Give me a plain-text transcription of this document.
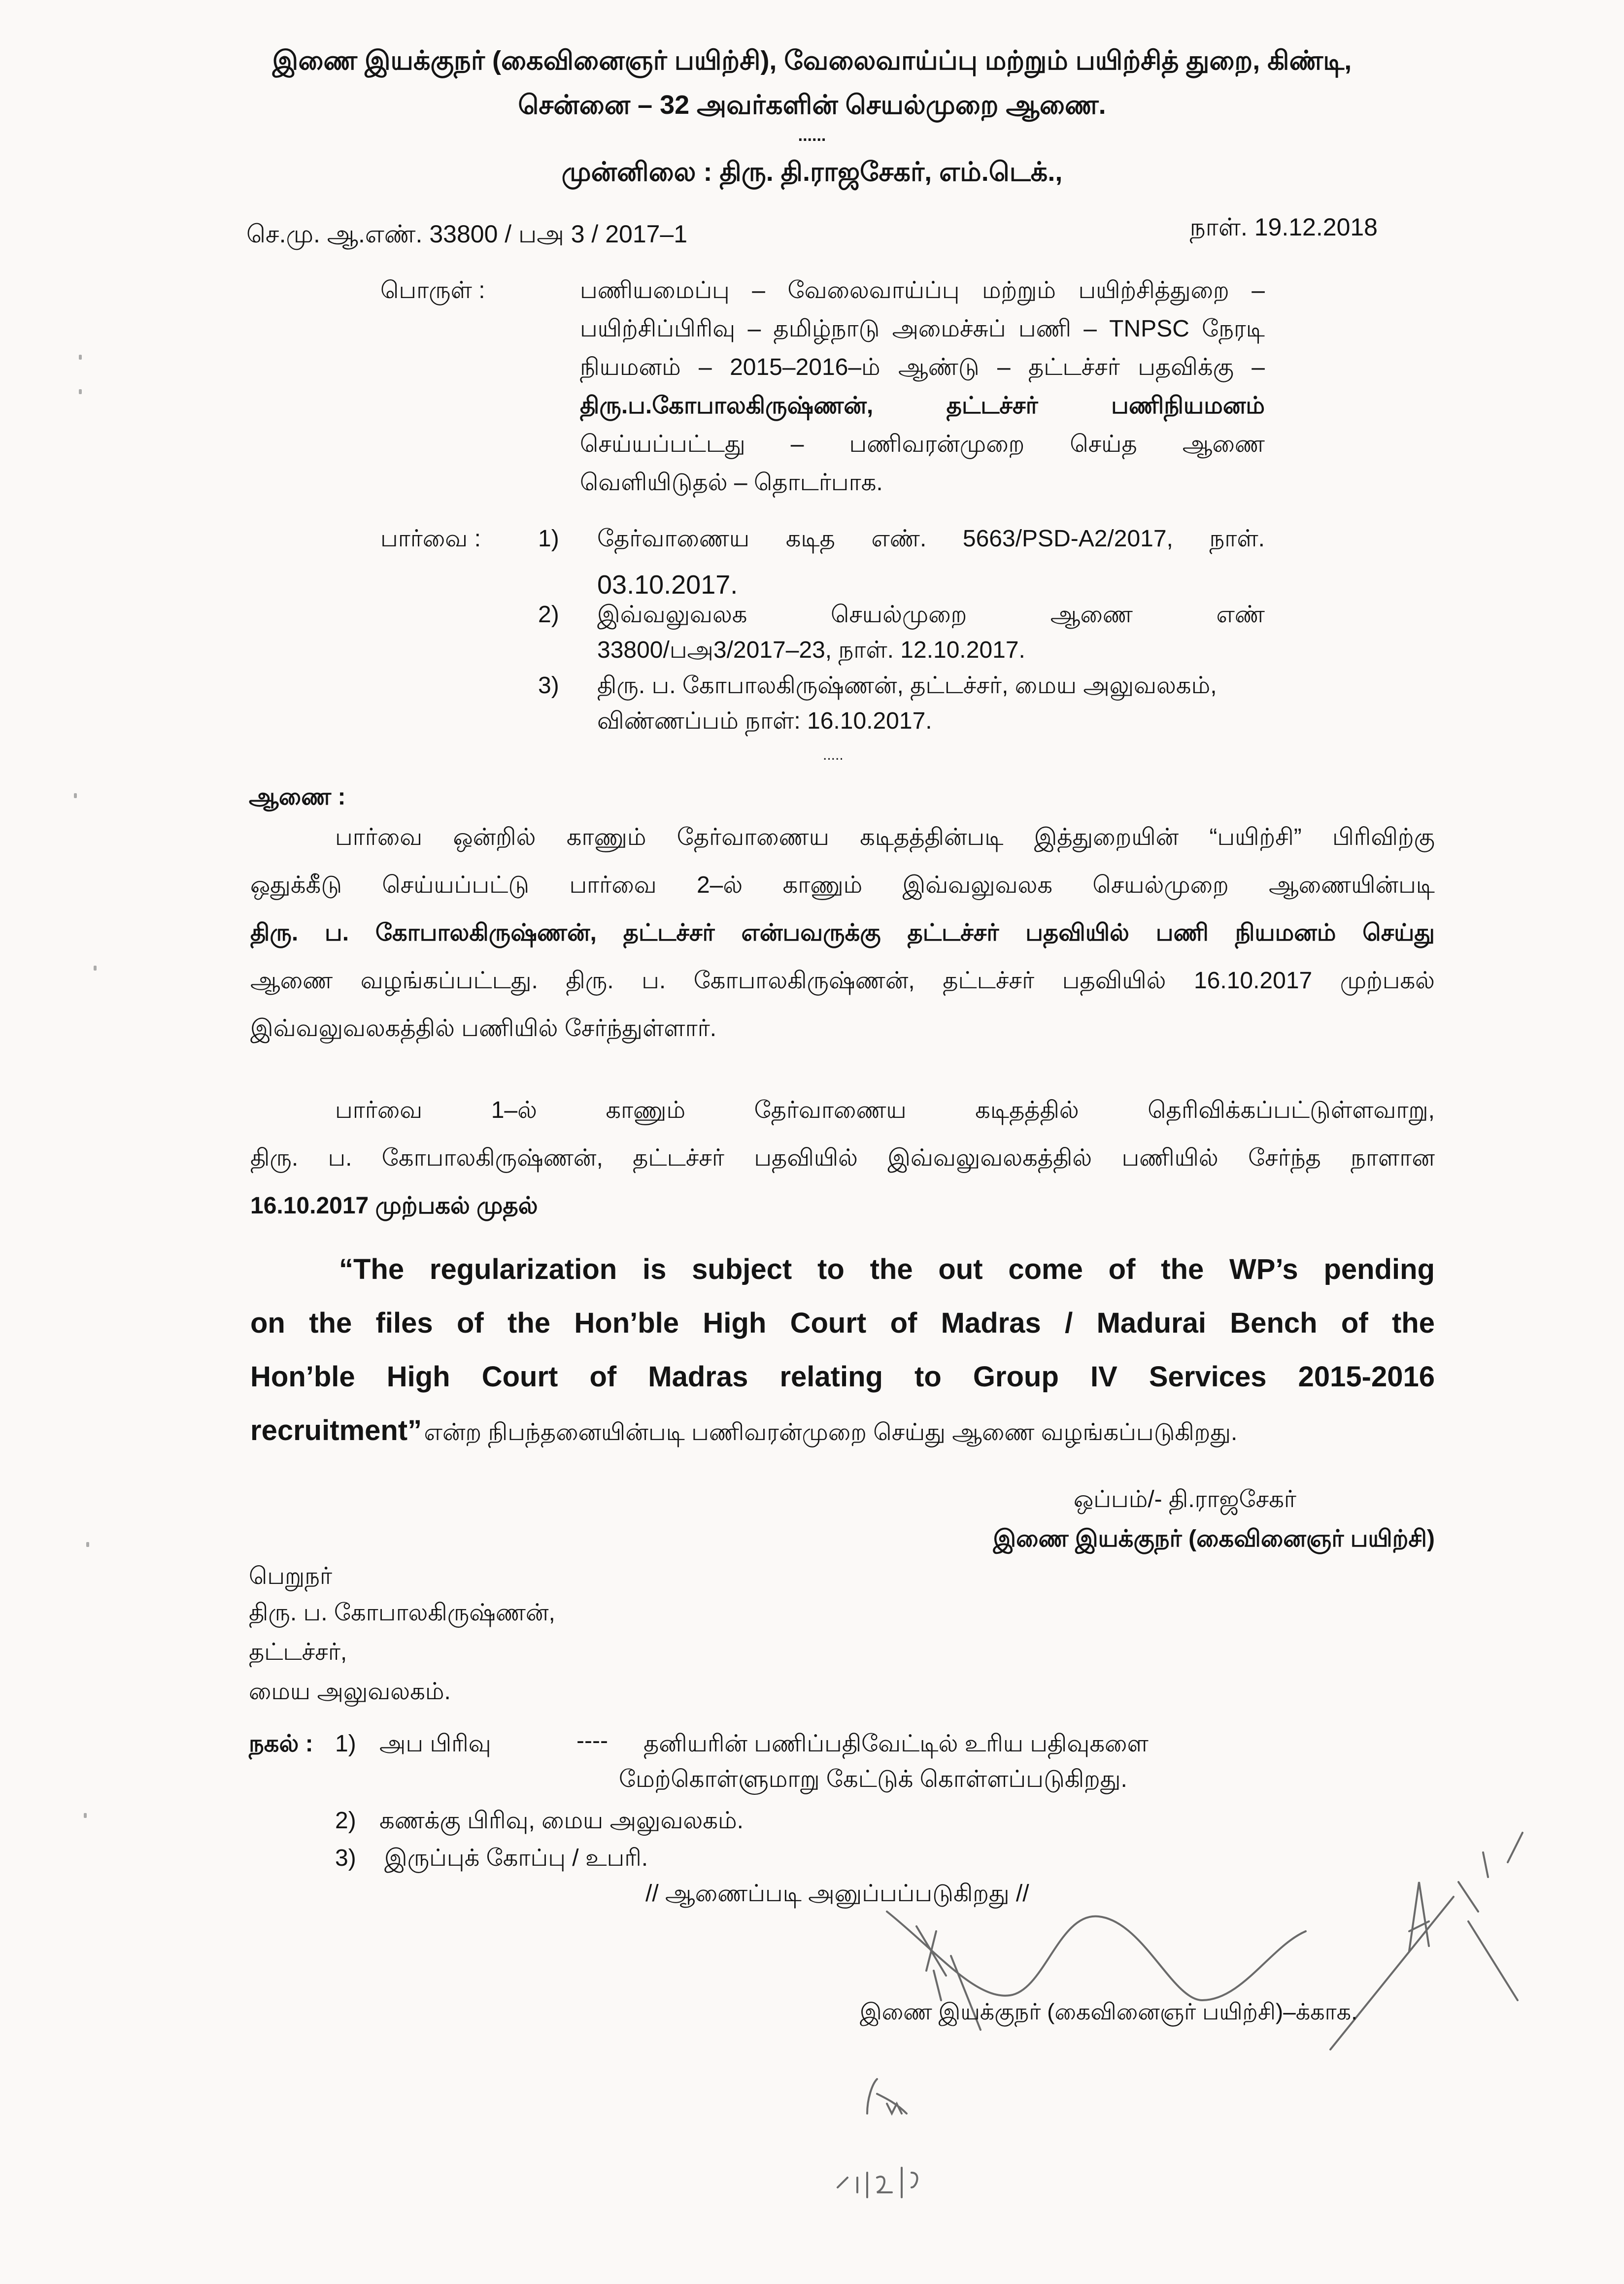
இணை இயக்குநர் (கைவினைஞர் பயிற்சி), வேலைவாய்ப்பு மற்றும் பயிற்சித் துறை, கிண்டி,
சென்னை – 32 அவர்களின் செயல்முறை ஆணை.
......
முன்னிலை : திரு. தி.ராஜசேகர், எம்.டெக்.,
செ.மு. ஆ.எண். 33800 / பஅ 3 / 2017–1	நாள். 19.12.2018
பொருள் :	பணியமைப்பு – வேலைவாய்ப்பு மற்றும் பயிற்சித்துறை –
பயிற்சிப்பிரிவு – தமிழ்நாடு அமைச்சுப் பணி – TNPSC நேரடி
நியமனம் – 2015–2016–ம் ஆண்டு – தட்டச்சர் பதவிக்கு –
திரு.ப.கோபாலகிருஷ்ணன், தட்டச்சர் பணிநியமனம்
செய்யப்பட்டது – பணிவரன்முறை செய்த ஆணை
வெளியிடுதல் – தொடர்பாக.
பார்வை : 1) தேர்வாணைய கடித எண். 5663/PSD-A2/2017, நாள்.
03.10.2017.
2) இவ்வலுவலக செயல்முறை ஆணை எண்
33800/பஅ3/2017–23, நாள். 12.10.2017.
3) திரு. ப. கோபாலகிருஷ்ணன், தட்டச்சர், மைய அலுவலகம்,
விண்ணப்பம் நாள்: 16.10.2017.
.....
ஆணை :
பார்வை ஒன்றில் காணும் தேர்வாணைய கடிதத்தின்படி இத்துறையின் “பயிற்சி” பிரிவிற்கு
ஒதுக்கீடு செய்யப்பட்டு பார்வை 2–ல் காணும் இவ்வலுவலக செயல்முறை ஆணையின்படி
திரு. ப. கோபாலகிருஷ்ணன், தட்டச்சர் என்பவருக்கு தட்டச்சர் பதவியில் பணி நியமனம் செய்து
ஆணை வழங்கப்பட்டது. திரு. ப. கோபாலகிருஷ்ணன், தட்டச்சர் பதவியில் 16.10.2017 முற்பகல்
இவ்வலுவலகத்தில் பணியில் சேர்ந்துள்ளார்.
பார்வை 1–ல் காணும் தேர்வாணைய கடிதத்தில் தெரிவிக்கப்பட்டுள்ளவாறு,
திரு. ப. கோபாலகிருஷ்ணன், தட்டச்சர் பதவியில் இவ்வலுவலகத்தில் பணியில் சேர்ந்த நாளான
16.10.2017 முற்பகல் முதல்
“The regularization is subject to the out come of the WP’s pending
on the files of the Hon’ble High Court of Madras / Madurai Bench of the
Hon’ble High Court of Madras relating to Group IV Services 2015-2016
recruitment” என்ற நிபந்தனையின்படி பணிவரன்முறை செய்து ஆணை வழங்கப்படுகிறது.
ஒப்பம்/- தி.ராஜசேகர்
இணை இயக்குநர் (கைவினைஞர் பயிற்சி)
பெறுநர்
திரு. ப. கோபாலகிருஷ்ணன்,
தட்டச்சர்,
மைய அலுவலகம்.
நகல் : 1) அப பிரிவு	---- தனியரின் பணிப்பதிவேட்டில் உரிய பதிவுகளை
மேற்கொள்ளுமாறு கேட்டுக் கொள்ளப்படுகிறது.
2) கணக்கு பிரிவு, மைய அலுவலகம்.
3) இருப்புக் கோப்பு / உபரி.
// ஆணைப்படி அனுப்பப்படுகிறது //
இணை இயக்குநர் (கைவினைஞர் பயிற்சி)–க்காக.
